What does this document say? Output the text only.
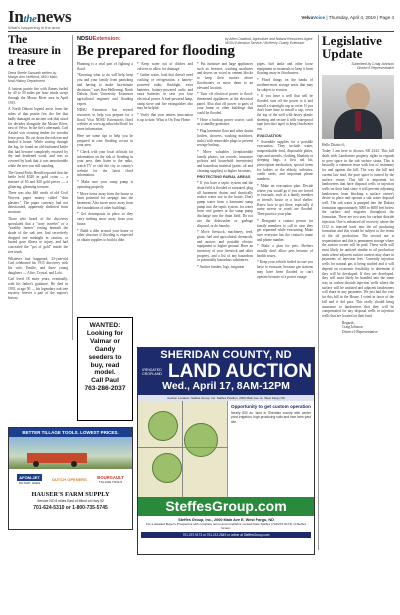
Inthenews
What's happening in the area
VelvaVoice | Thursday, April 4, 2019 | Page 4
The treasure in a tree
Dena Steele Samunik written by
Marlyn Ann Hoffbeck, MSU Mani-
toral History Department

A furious prairie fire with flames fueled by 40 to 50 miles per hour winds swept through the Mouse River area in April 1915.

A North Dakota legend arose from the ashes of that prairie fire, the fire that badly damaged an ancient oak that stood for decades alongside the Mouse River, east of Velva. In the fire's aftermath, Carl Aasted was scouting timber for wooden fence posts. He cut down the oak tree and hauled it home. While sawing through the log, he found an old-fashioned kettle that had become completely encased by dry and deadened wood, and was so covered by bark that it was unnoticeable while the tree was still standing.

The Grand Forks Herald reported that the kettle held $320 in gold coins — a mixture of $5 and $20 gold pieces — a glittering, gleaming treasure.

There was also $40 worth of old Civil War-era paper money called "shin plasters." The paper currency had not deteriorated, apparently sheltered from moisture.

Those who heard of the discovery speculated that a "wary traveler" or a "wealthy farmer" resting beneath the shade of the oak tree, had secretively dropped one midnight in caution, or buried gave illness or injury, and had concealed the "pot of gold" inside the tree trunk.

Whatever had happened, 32-year-old Carl celebrated his 1915 discovery with his wife, Emilie, and three young daughters — Alice, Crystal, and Lola.

Carl lived 18 more years, eventually, with his father's guidance. He died in 1935, at age 50 — his legendary oak tree mystery forever a part of the region's history.

NDSUExtension:
Be prepared for flooding
by Allen Crawford, Agriculture and Natural Resources Agent
NDSU Extension Service / McHenry County Extension

Planning is a vital part of fighting a flood.

"Knowing what to do will help keep you and your family from panicking and having to make last-minute decisions," says Ken Hellevang, North Dakota State University Extension agricultural engineer and flooding expert.

NDSU Extension has several resources to help you prepare for a flood. Visit NDSU Extension's flood website at www.ag.ndsu.edu/flood for more information.

Here are some tips to help you be prepared in case flooding occurs in your area:

* Check with your local officials for information on the risk of flooding in your area, then listen to the radio, watch TV or visit the city or county's website for the latest flood information.

* Make sure your sump pump is operating properly.

* Move items away from the house to limit potential for seepage into the basement. Also move snow away from the foundations of other buildings.

* Get downspouts in place so they carry melting snow away from your house.

* Build a dike around your home or other structure if flooding is expected or obtain supplies to build a dike.

* Keep water out of ditches and culverts to allow for drainage.

* Gather water, food that doesn't need cooking or refrigeration, a battery-powered radio, flashlight, extra batteries, battery-powered radio and extra batteries in case you lose electrical power. A fuel-powered lamp, camp stove and fire extinguisher also may be helpful.

* Verify that your renters association is up to date. What is On Your Home

* Put furniture and large appliances such as freezers, washing machines and dryers on wood or cement blocks to keep their motors above floodwaters or move them to an elevated location.

* Turn off electrical power to flood-threatened appliances at the electrical panel. Also shut off power to parts of your home or other buildings that could be flooded.

* Have a backup power source, such as a standby generator.

* Plug basement floor and other drains (toilets, showers, washing machines, sinks) with removable plugs to prevent sewage backup.

* Move valuables (irreplaceable family photos, tax records, insurance policies and household inventories) and hazardous material (paint, oil and cleaning supplies) to higher locations.

PROTECTING RURAL AREAS

* If you have a septic system and the drain field is flooded or saturated, plug all basement drains and drastically reduce water use in the house. Don't pump water from a basement sump pump into the septic system, for water from roof gutters or the sump pump discharge into the drain field. Do not use the dishwasher or garbage disposal, or do laundry.

* Move livestock, machinery, feed, grain, fuel and agricultural chemicals, and motors and portable electric equipment to higher ground. Have an inventory of your livestock and other property, and a list of any hazardous or potentially hazardous substances.

* Anchor lumber, logs, irrigation

pipes, fuel tanks and other loose equipment so materials to keep it from floating away in floodwaters.

* Flood things on the banks of northern-most storage areas that may be subject to erosion.

* If you have a well that will be flooded, turn off the power to it and install a watertight cap or cover. If you don't have time to install a cap, cover the top of the well with heavy plastic sheeting and secure it with waterproof tape (not duct tape) to keep floodwater out.

EVACUATION

* Assemble supplies for a possible evacuation. They include water, nonperishable food, disposable plates, cups and utensils, clothing, blankets or sleeping bags, a first aid kit, prescription medication, special items for babies or the elderly, toiletries, credit cards, and important phone numbers.

* Make an evacuation plan. Decide where you would go if you are forced to evacuate, such as a family member or friend's house or a local shelter. Know how to get there, especially if some streets or roads are flooded. Then practice your plan.

* Designate a contact person for family members to call in case they get separated while evacuating. Make sure everyone has the contact's name and phone number.

* Make a plan for pets. Shelters usually don't allow pets because of health issues.

* Keep your vehicle fueled in case you have to evacuate, because gas stations may have been flooded or can't operate because of a power outage.

Legislative
Update
Submitted by Craig Johnson
District 6 Representative

Hello District 6,

Today I am here to discuss SB 2344. This bill deals with Landowner property rights in regards to pore space in the sub surface strata. This is basically a common issue with lots of testimony for and against the bill. The way the bill and current law read, the pore space is owned by the surface owner. This bill is important for landowners that have disposal wells or injection wells on their land since it will prevent adjoining landowners from blocking a surface owner's desire to place and operate a salt water disposal well. The salt water is pumped into the Dakota formation approximately 5000 to 6000 feet below the surface and migrates throughout the formation. There are two uses for carbon dioxide injection. One is enhanced oil recovery where the CO2 is injected back into the oil producing formation and this would be subject to the terms of the oil production. The second use is sequestration and this is permanent storage where the surface owner will be paid. These wells will most likely be unitized similar to oil production units where adjacent surface owners may share in payments of injection fees. Currently injection wells for natural gas is being studied and it will depend on economic feasibility to determine if they will be developed. If they are developed, they will most likely be bundled into the same way as carbon dioxide injection wells where the surface will be unitized and adjacent landowners will share in any payments. We just had the vote for this bill in the House. I voted in favor of the bill and it did pass. This really should bring assurance to landowners that they will be compensated for any disposal wells or injection wells that are located on their land.

Regards,

Craig Johnson

District 6 Representative

WANTED:
Looking for
Valmar or
Gandy
seeders to
buy, read
model.
Call Paul
763-286-2037
BETTER TILLAGE TOOLS. LOWEST PRICES.
AFOM-JET
ROTARY HOES
DUTCH OPENERS BOURGAULT
TILLAGE TOOLS
HAUSER'S FARM SUPPLY
Service NO 8 miles East of Minot on Hwy 52
701-624-5310 or 1-800-735-5745
SHERIDAN COUNTY, ND
IRRIGATED CROPLAND LAND AUCTION
Wed., April 17, 8AM-12PM
Auction Location: Steffes Group, Inc. Steffes Pavilion, 2000 Main Ave. E, West Fargo ND
Opportunity to get custom operation
Nearly 800 ac. land in Sheridan county with center pivot irrigation, high-producing soils and nice farm yard site.
SteffesGroup.com
Steffes Group, Inc., 2000 Main Ave E, West Fargo, ND
For a detailed Buyer's Prospectus with complete terms and conditions contact Nate Steffes (701/237-9173) of Steffes Group.
701.237.9173 or 701.212.2849 or online at SteffesGroup.com
